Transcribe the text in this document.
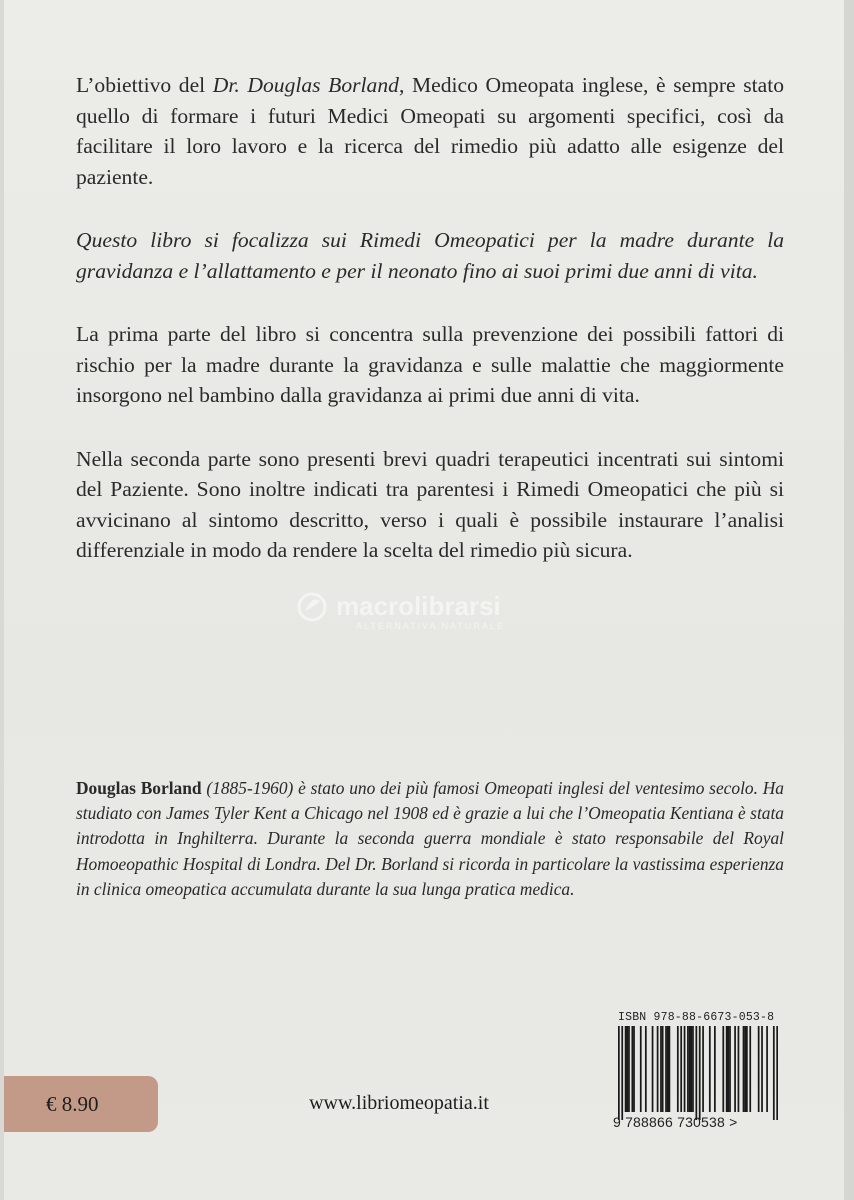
L’obiettivo del Dr. Douglas Borland, Medico Omeopata inglese, è sempre stato quello di formare i futuri Medici Omeopati su argomenti specifici, così da facilitare il loro lavoro e la ricerca del rimedio più adatto alle esigenze del paziente.

Questo libro si focalizza sui Rimedi Omeopatici per la madre durante la gravidanza e l’allattamento e per il neonato fino ai suoi primi due anni di vita.

La prima parte del libro si concentra sulla prevenzione dei possibili fattori di rischio per la madre durante la gravidanza e sulle malattie che maggiormente insorgono nel bambino dalla gravidanza ai primi due anni di vita.

Nella seconda parte sono presenti brevi quadri terapeutici incentrati sui sintomi del Paziente. Sono inoltre indicati tra parentesi i Rimedi Omeopatici che più si avvicinano al sintomo descritto, verso i quali è possibile instaurare l’analisi differenziale in modo da rendere la scelta del rimedio più sicura.

macrolibrarsi
ALTERNATIVA NATURALE
Douglas Borland (1885-1960) è stato uno dei più famosi Omeopati inglesi del ventesimo secolo. Ha studiato con James Tyler Kent a Chicago nel 1908 ed è grazie a lui che l’Omeopatia Kentiana è stata introdotta in Inghilterra. Durante la seconda guerra mondiale è stato responsabile del Royal Homoeopathic Hospital di Londra. Del Dr. Borland si ricorda in particolare la vastissima esperienza in clinica omeopatica accumulata durante la sua lunga pratica medica.
€ 8.90	www.libriomeopatia.it
ISBN 978-88-6673-053-8
9 788866 730538 >
